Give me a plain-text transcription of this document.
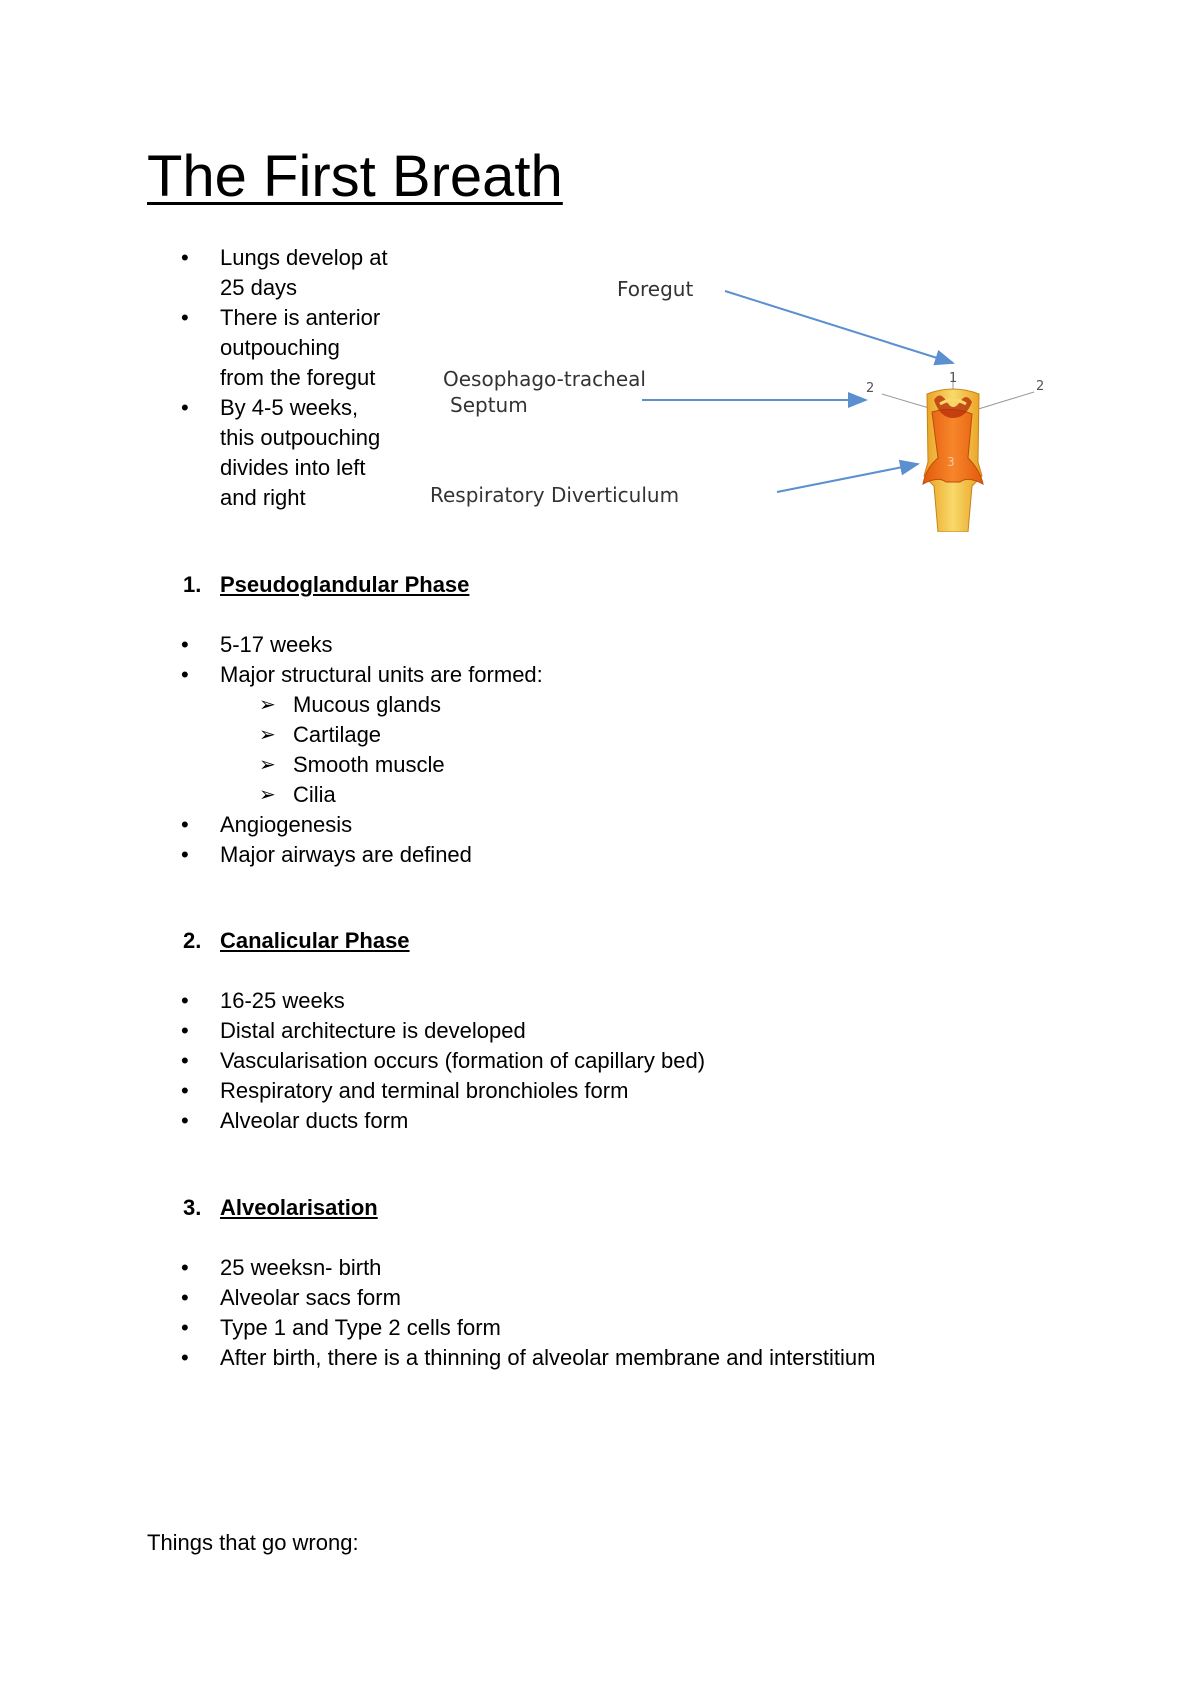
The First Breath
• Lungs develop at
25 days
• There is anterior
outpouching
from the foregut
• By 4-5 weeks,
this outpouching
divides into left
and right
Foregut
Oesophago-tracheal
Septum
Respiratory Diverticulum
1
2	2
3
1. Pseudoglandular Phase
• 5-17 weeks
• Major structural units are formed:
➢ Mucous glands
➢ Cartilage
➢ Smooth muscle
➢ Cilia
• Angiogenesis
• Major airways are defined
2. Canalicular Phase
• 16-25 weeks
• Distal architecture is developed
• Vascularisation occurs (formation of capillary bed)
• Respiratory and terminal bronchioles form
• Alveolar ducts form
3. Alveolarisation
• 25 weeksn- birth
• Alveolar sacs form
• Type 1 and Type 2 cells form
• After birth, there is a thinning of alveolar membrane and interstitium
Things that go wrong:
